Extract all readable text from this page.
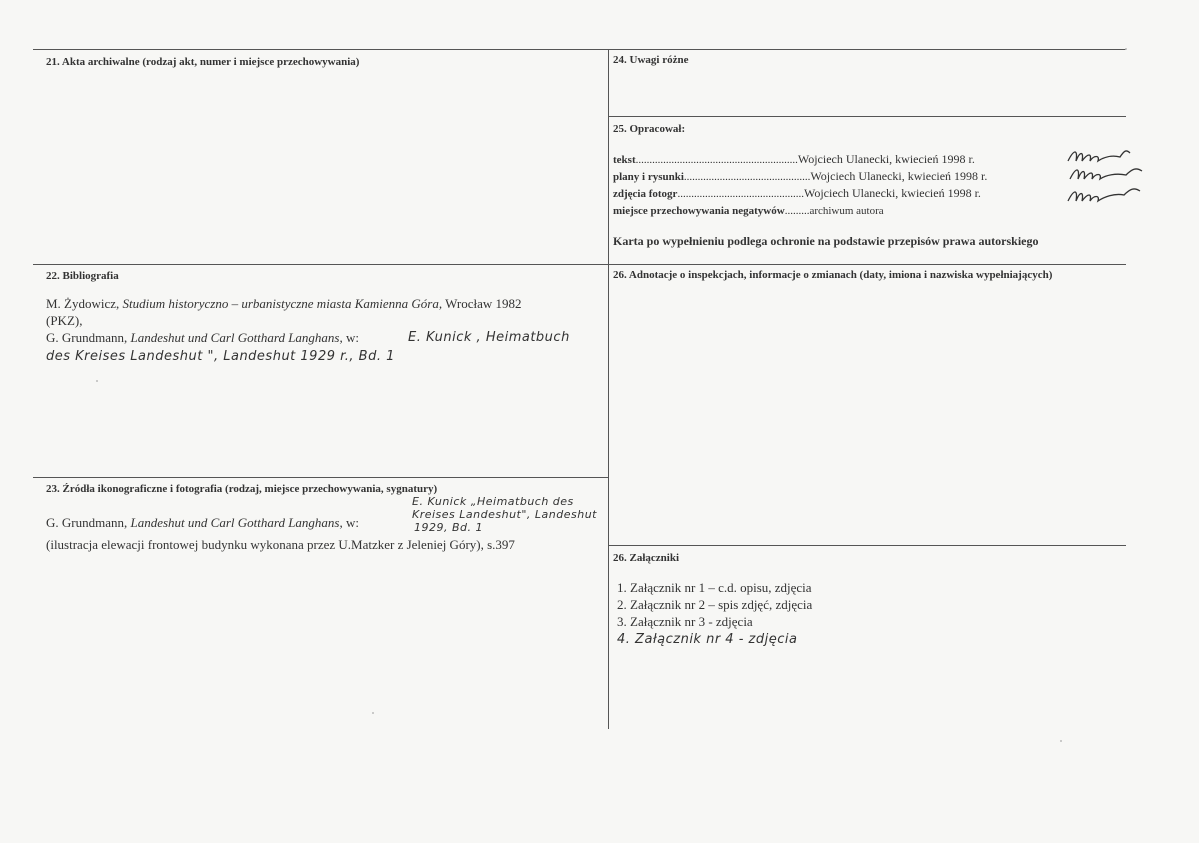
21. Akta archiwalne (rodzaj akt, numer i miejsce przechowywania)	24. Uwagi różne
25. Opracował:
tekst...........................................................Wojciech Ulanecki, kwiecień 1998 r.
plany i rysunki..............................................Wojciech Ulanecki, kwiecień 1998 r.
zdjęcia fotogr..............................................Wojciech Ulanecki, kwiecień 1998 r.
miejsce przechowywania negatywów.........archiwum autora
Karta po wypełnieniu podlega ochronie na podstawie przepisów prawa autorskiego
22. Bibliografia
M. Żydowicz, Studium historyczno – urbanistyczne miasta Kamienna Góra, Wrocław 1982
(PKZ),
G. Grundmann, Landeshut und Carl Gotthard Langhans, w:	E. Kunick , Heimatbuch
des Kreises Landeshut ", Landeshut 1929 r., Bd. 1
26. Adnotacje o inspekcjach, informacje o zmianach (daty, imiona i nazwiska wypełniających)
23. Źródła ikonograficzne i fotografia (rodzaj, miejsce przechowywania, sygnatury)
G. Grundmann, Landeshut und Carl Gotthard Langhans, w:
E. Kunick „Heimatbuch des
Kreises Landeshut", Landeshut
1929, Bd. 1
(ilustracja elewacji frontowej budynku wykonana przez U.Matzker z Jeleniej Góry), s.397
26. Załączniki
1. Załącznik nr 1 – c.d. opisu, zdjęcia
2. Załącznik nr 2 – spis zdjęć, zdjęcia
3. Załącznik nr 3 - zdjęcia
4. Załącznik nr 4 - zdjęcia
